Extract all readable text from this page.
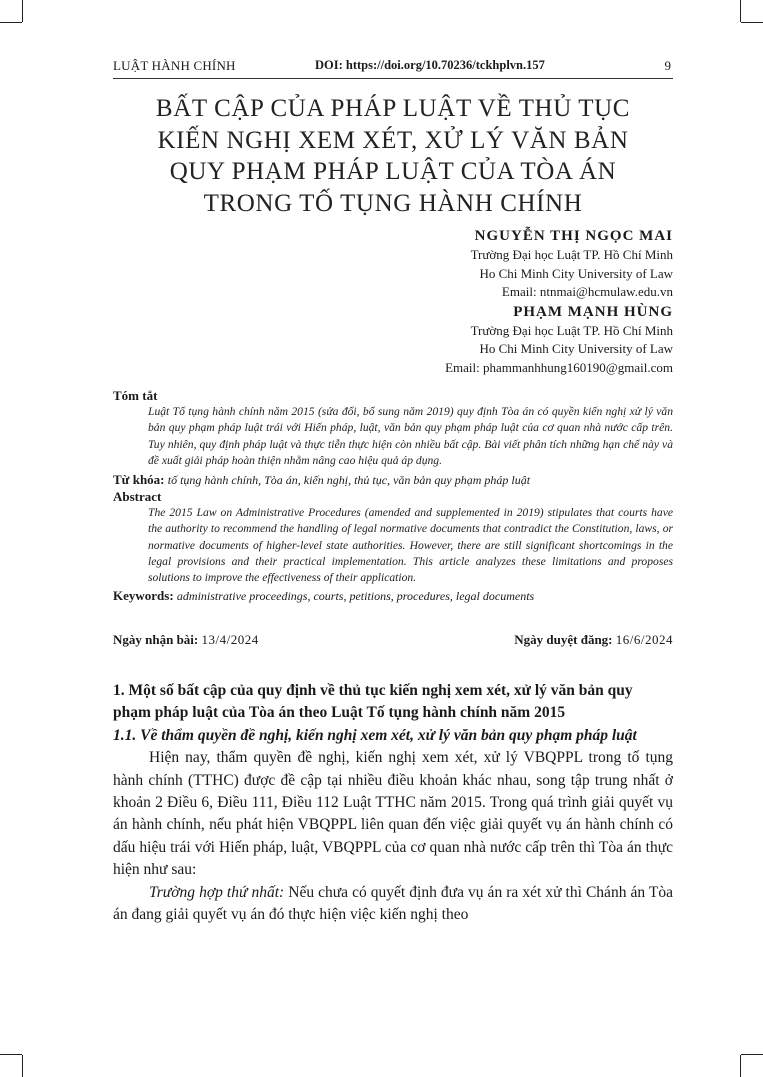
LUẬT HÀNH CHÍNH	DOI: https://doi.org/10.70236/tckhplvn.157	9
BẤT CẬP CỦA PHÁP LUẬT VỀ THỦ TỤC
KIẾN NGHỊ XEM XÉT, XỬ LÝ VĂN BẢN
QUY PHẠM PHÁP LUẬT CỦA TÒA ÁN
TRONG TỐ TỤNG HÀNH CHÍNH
NGUYỄN THỊ NGỌC MAI
Trường Đại học Luật TP. Hồ Chí Minh
Ho Chi Minh City University of Law
Email: ntnmai@hcmulaw.edu.vn
PHẠM MẠNH HÙNG
Trường Đại học Luật TP. Hồ Chí Minh
Ho Chi Minh City University of Law
Email: phammanhhung160190@gmail.com
Tóm tắt
Luật Tố tụng hành chính năm 2015 (sửa đổi, bổ sung năm 2019) quy định Tòa án có quyền kiến nghị xử lý văn bản quy phạm pháp luật trái với Hiến pháp, luật, văn bản quy phạm pháp luật của cơ quan nhà nước cấp trên. Tuy nhiên, quy định pháp luật và thực tiễn thực hiện còn nhiều bất cập. Bài viết phân tích những hạn chế này và đề xuất giải pháp hoàn thiện nhằm nâng cao hiệu quả áp dụng.
Từ khóa: tố tụng hành chính, Tòa án, kiến nghị, thủ tục, văn bản quy phạm pháp luật
Abstract
The 2015 Law on Administrative Procedures (amended and supplemented in 2019) stipulates that courts have the authority to recommend the handling of legal normative documents that contradict the Constitution, laws, or normative documents of higher-level state authorities. However, there are still significant shortcomings in the legal provisions and their practical implementation. This article analyzes these limitations and proposes solutions to improve the effectiveness of their application.
Keywords: administrative proceedings, courts, petitions, procedures, legal documents
Ngày nhận bài: 13/4/2024	Ngày duyệt đăng: 16/6/2024
1. Một số bất cập của quy định về thủ tục kiến nghị xem xét, xử lý văn bản quy phạm pháp luật của Tòa án theo Luật Tố tụng hành chính năm 2015
1.1. Về thẩm quyền đề nghị, kiến nghị xem xét, xử lý văn bản quy phạm pháp luật
Hiện nay, thẩm quyền đề nghị, kiến nghị xem xét, xử lý VBQPPL trong tố tụng hành chính (TTHC) được đề cập tại nhiều điều khoản khác nhau, song tập trung nhất ở khoản 2 Điều 6, Điều 111, Điều 112 Luật TTHC năm 2015. Trong quá trình giải quyết vụ án hành chính, nếu phát hiện VBQPPL liên quan đến việc giải quyết vụ án hành chính có dấu hiệu trái với Hiến pháp, luật, VBQPPL của cơ quan nhà nước cấp trên thì Tòa án thực hiện như sau:
Trường hợp thứ nhất: Nếu chưa có quyết định đưa vụ án ra xét xử thì Chánh án Tòa án đang giải quyết vụ án đó thực hiện việc kiến nghị theo
